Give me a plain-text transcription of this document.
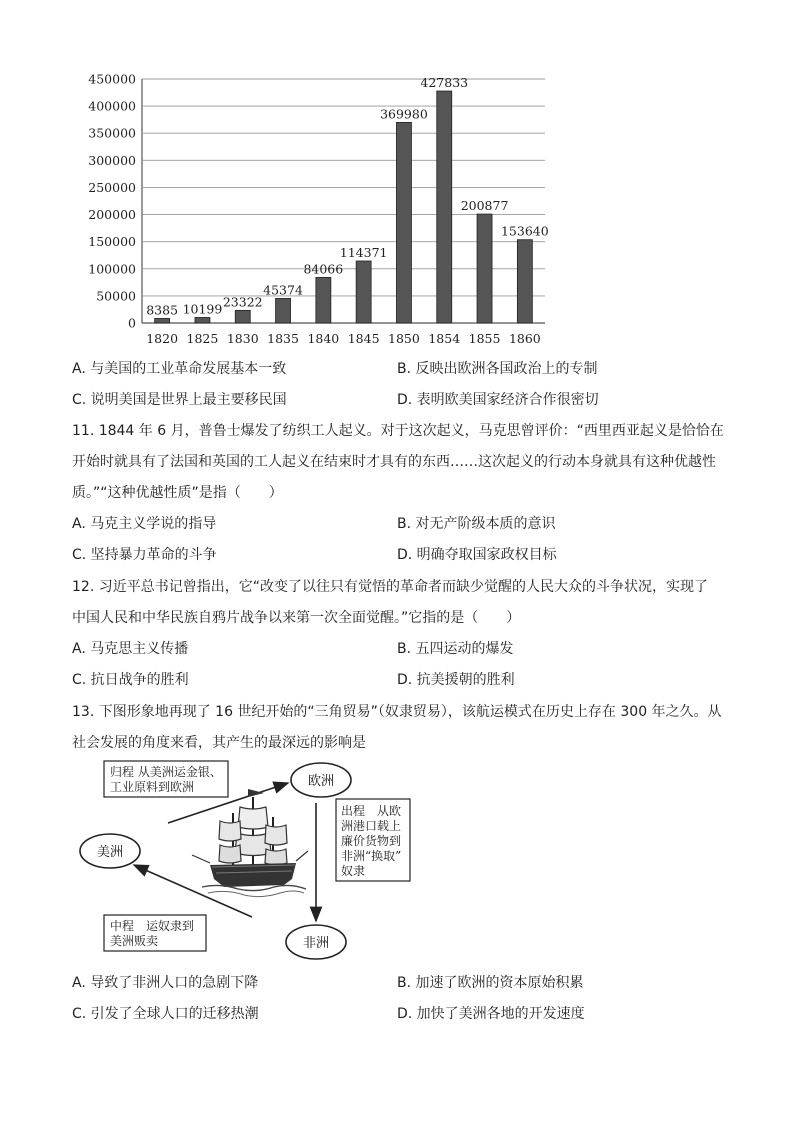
0
50000
100000
150000
200000
250000
300000
350000
400000
450000
1820 1825 1830 1835 1840 1845 1850 1854 1855 1860
8385 10199 23322
45374
84066
114371
369980
427833
200877
153640
A. 与美国的工业革命发展基本一致	B. 反映出欧洲各国政治上的专制
C. 说明美国是世界上最主要移民国	D. 表明欧美国家经济合作很密切

11. 1844 年 6 月，普鲁士爆发了纺织工人起义。对于这次起义，马克思曾评价：“西里西亚起义是恰恰在

开始时就具有了法国和英国的工人起义在结束时才具有的东西……这次起义的行动本身就具有这种优越性

质。”“这种优越性质”是指（　　）

A. 马克主义学说的指导	B. 对无产阶级本质的意识
C. 坚持暴力革命的斗争	D. 明确夺取国家政权目标

12. 习近平总书记曾指出，它“改变了以往只有觉悟的革命者而缺少觉醒的人民大众的斗争状况，实现了

中国人民和中华民族自鸦片战争以来第一次全面觉醒。”它指的是（　　）

A. 马克思主义传播	B. 五四运动的爆发
C. 抗日战争的胜利	D. 抗美援朝的胜利

13. 下图形象地再现了 16 世纪开始的“三角贸易”（奴隶贸易），该航运模式在历史上存在 300 年之久。从

社会发展的角度来看，其产生的最深远的影响是

归程 从美洲运金银、
工业原料到欧洲	欧洲
美洲
非洲
出程　从欧
洲港口载上
廉价货物到
非洲“换取”
奴隶
中程　运奴隶到
美洲贩卖
A. 导致了非洲人口的急剧下降	B. 加速了欧洲的资本原始积累
C. 引发了全球人口的迁移热潮	D. 加快了美洲各地的开发速度
